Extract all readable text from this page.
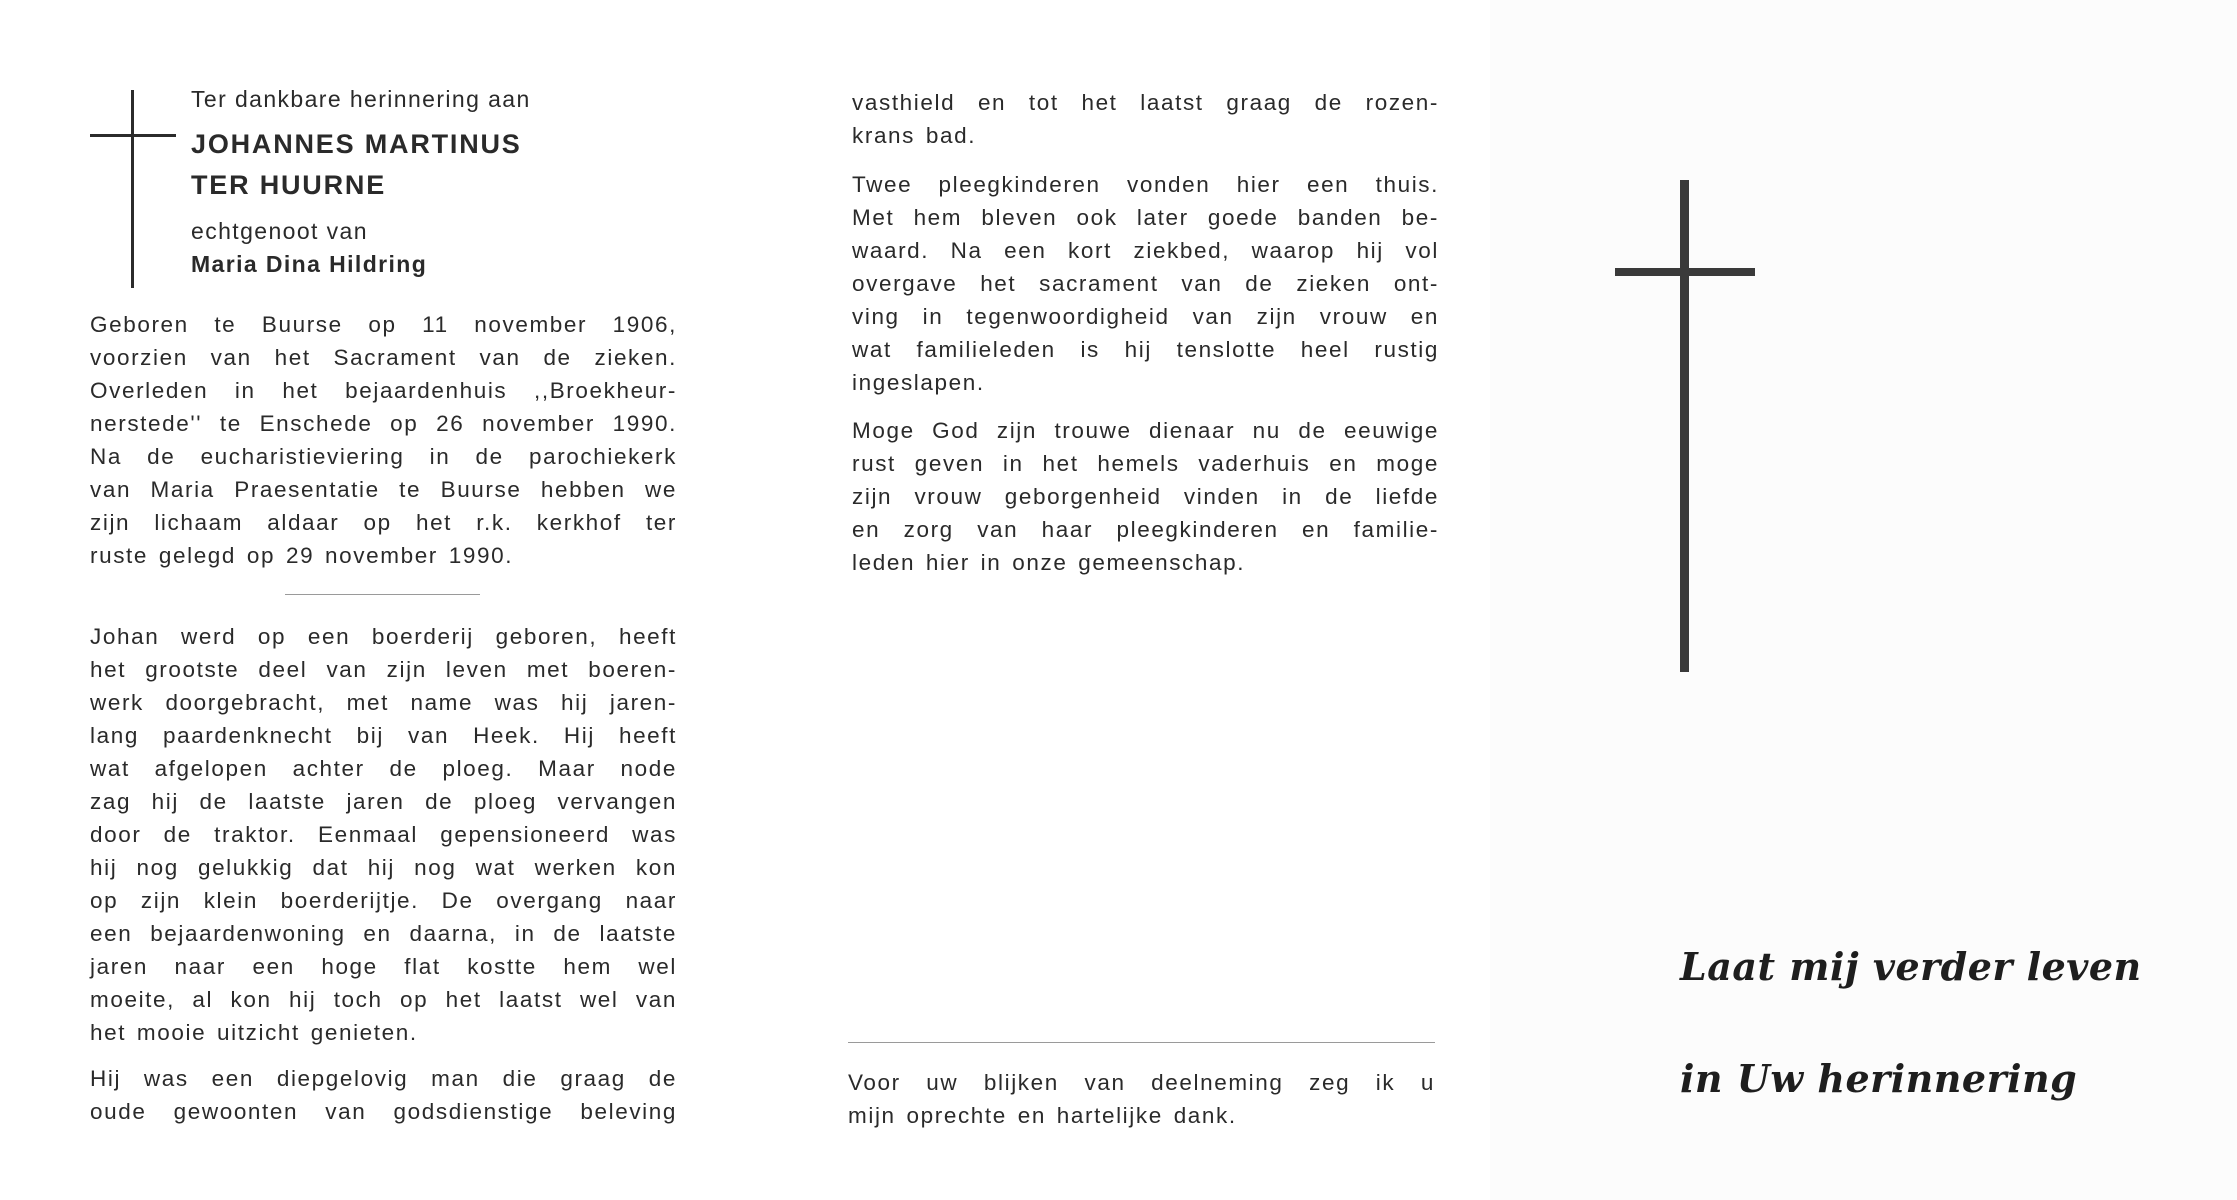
Ter dankbare herinnering aan
JOHANNES MARTINUS
TER HUURNE
echtgenoot van
Maria Dina Hildring
Geboren te Buurse op 11 november 1906,
voorzien van het Sacrament van de zieken.
Overleden in het bejaardenhuis ,,Broekheur-
nerstede'' te Enschede op 26 november 1990.
Na de eucharistieviering in de parochiekerk
van Maria Praesentatie te Buurse hebben we
zijn lichaam aldaar op het r.k. kerkhof ter
ruste gelegd op 29 november 1990.
Johan werd op een boerderij geboren, heeft
het grootste deel van zijn leven met boeren-
werk doorgebracht, met name was hij jaren-
lang paardenknecht bij van Heek. Hij heeft
wat afgelopen achter de ploeg. Maar node
zag hij de laatste jaren de ploeg vervangen
door de traktor. Eenmaal gepensioneerd was
hij nog gelukkig dat hij nog wat werken kon
op zijn klein boerderijtje. De overgang naar
een bejaardenwoning en daarna, in de laatste
jaren naar een hoge flat kostte hem wel
moeite, al kon hij toch op het laatst wel van
het mooie uitzicht genieten.
Hij was een diepgelovig man die graag de
oude gewoonten van godsdienstige beleving
vasthield en tot het laatst graag de rozen-
krans bad.
Twee pleegkinderen vonden hier een thuis.
Met hem bleven ook later goede banden be-
waard. Na een kort ziekbed, waarop hij vol
overgave het sacrament van de zieken ont-
ving in tegenwoordigheid van zijn vrouw en
wat familieleden is hij tenslotte heel rustig
ingeslapen.
Moge God zijn trouwe dienaar nu de eeuwige
rust geven in het hemels vaderhuis en moge
zijn vrouw geborgenheid vinden in de liefde
en zorg van haar pleegkinderen en familie-
leden hier in onze gemeenschap.
Voor uw blijken van deelneming zeg ik u
mijn oprechte en hartelijke dank.
Laat mij verder leven
in Uw herinnering
